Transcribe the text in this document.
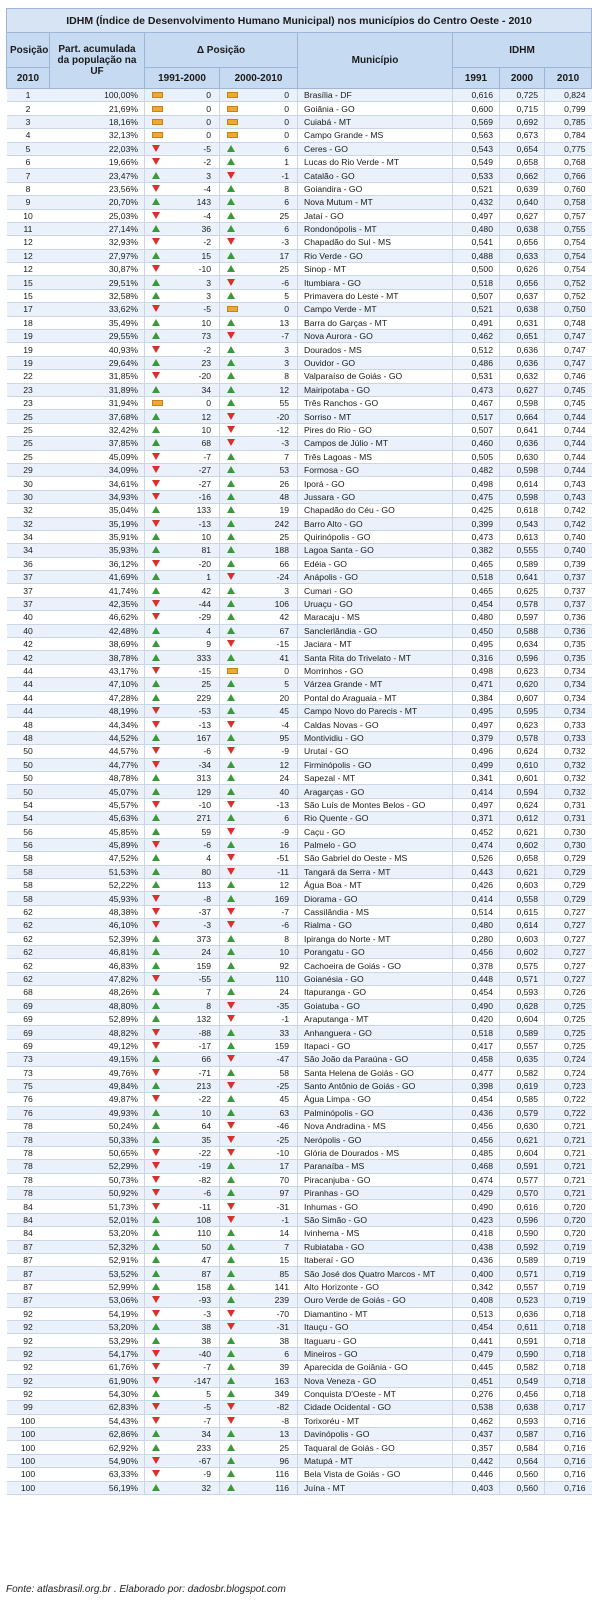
IDHM (Índice de Desenvolvimento Humano Municipal) nos municípios do Centro Oeste - 2010							
Posição	Part. acumulada da população na UF	Δ Posição		Município	IDHM		
2010		1991-2000	2000-2010		1991	2000	2010
1	100,00%	0	0	Brasília - DF	0,616	0,725	0,824
2	21,69%	0	0	Goiânia - GO	0,600	0,715	0,799
3	18,16%	0	0	Cuiabá - MT	0,569	0,692	0,785
4	32,13%	0	0	Campo Grande - MS	0,563	0,673	0,784
5	22,03%	-5	6	Ceres - GO	0,543	0,654	0,775
6	19,66%	-2	1	Lucas do Rio Verde - MT	0,549	0,658	0,768
7	23,47%	3	-1	Catalão - GO	0,533	0,662	0,766
8	23,56%	-4	8	Goiandira - GO	0,521	0,639	0,760
9	20,70%	143	6	Nova Mutum - MT	0,432	0,640	0,758
10	25,03%	-4	25	Jataí - GO	0,497	0,627	0,757
11	27,14%	36	6	Rondonópolis - MT	0,480	0,638	0,755
12	32,93%	-2	-3	Chapadão do Sul - MS	0,541	0,656	0,754
12	27,97%	15	17	Rio Verde - GO	0,488	0,633	0,754
12	30,87%	-10	25	Sinop - MT	0,500	0,626	0,754
15	29,51%	3	-6	Itumbiara - GO	0,518	0,656	0,752
15	32,58%	3	5	Primavera do Leste - MT	0,507	0,637	0,752
17	33,62%	-5	0	Campo Verde - MT	0,521	0,638	0,750
18	35,49%	10	13	Barra do Garças - MT	0,491	0,631	0,748
19	29,55%	73	-7	Nova Aurora - GO	0,462	0,651	0,747
19	40,93%	-2	3	Dourados - MS	0,512	0,636	0,747
19	29,64%	23	3	Ouvidor - GO	0,486	0,636	0,747
22	31,85%	-20	8	Valparaíso de Goiás - GO	0,531	0,632	0,746
23	31,89%	34	12	Mairipotaba - GO	0,473	0,627	0,745
23	31,94%	0	55	Três Ranchos - GO	0,467	0,598	0,745
25	37,68%	12	-20	Sorriso - MT	0,517	0,664	0,744
25	32,42%	10	-12	Pires do Rio - GO	0,507	0,641	0,744
25	37,85%	68	-3	Campos de Júlio - MT	0,460	0,636	0,744
25	45,09%	-7	7	Três Lagoas - MS	0,505	0,630	0,744
29	34,09%	-27	53	Formosa - GO	0,482	0,598	0,744
30	34,61%	-27	26	Iporá - GO	0,498	0,614	0,743
30	34,93%	-16	48	Jussara - GO	0,475	0,598	0,743
32	35,04%	133	19	Chapadão do Céu - GO	0,425	0,618	0,742
32	35,19%	-13	242	Barro Alto - GO	0,399	0,543	0,742
34	35,91%	10	25	Quirinópolis - GO	0,473	0,613	0,740
34	35,93%	81	188	Lagoa Santa - GO	0,382	0,555	0,740
36	36,12%	-20	66	Edéia - GO	0,465	0,589	0,739
37	41,69%	1	-24	Anápolis - GO	0,518	0,641	0,737
37	41,74%	42	3	Cumari - GO	0,465	0,625	0,737
37	42,35%	-44	106	Uruaçu - GO	0,454	0,578	0,737
40	46,62%	-29	42	Maracaju - MS	0,480	0,597	0,736
40	42,48%	4	67	Sanclerlândia - GO	0,450	0,588	0,736
42	38,69%	9	-15	Jaciara - MT	0,495	0,634	0,735
42	38,78%	333	41	Santa Rita do Trivelato - MT	0,316	0,596	0,735
44	43,17%	-15	0	Morrinhos - GO	0,498	0,623	0,734
44	47,10%	25	5	Várzea Grande - MT	0,471	0,620	0,734
44	47,28%	229	20	Pontal do Araguaia - MT	0,384	0,607	0,734
44	48,19%	-53	45	Campo Novo do Parecis - MT	0,495	0,595	0,734
48	44,34%	-13	-4	Caldas Novas - GO	0,497	0,623	0,733
48	44,52%	167	95	Montividiu - GO	0,379	0,578	0,733
50	44,57%	-6	-9	Urutaí - GO	0,496	0,624	0,732
50	44,77%	-34	12	Firminópolis - GO	0,499	0,610	0,732
50	48,78%	313	24	Sapezal - MT	0,341	0,601	0,732
50	45,07%	129	40	Aragarças - GO	0,414	0,594	0,732
54	45,57%	-10	-13	São Luís de Montes Belos - GO	0,497	0,624	0,731
54	45,63%	271	6	Rio Quente - GO	0,371	0,612	0,731
56	45,85%	59	-9	Caçu - GO	0,452	0,621	0,730
56	45,89%	-6	16	Palmelo - GO	0,474	0,602	0,730
58	47,52%	4	-51	São Gabriel do Oeste - MS	0,526	0,658	0,729
58	51,53%	80	-11	Tangará da Serra - MT	0,443	0,621	0,729
58	52,22%	113	12	Água Boa - MT	0,426	0,603	0,729
58	45,93%	-8	169	Diorama - GO	0,414	0,558	0,729
62	48,38%	-37	-7	Cassilândia - MS	0,514	0,615	0,727
62	46,10%	-3	-6	Rialma - GO	0,480	0,614	0,727
62	52,39%	373	8	Ipiranga do Norte - MT	0,280	0,603	0,727
62	46,81%	24	10	Porangatu - GO	0,456	0,602	0,727
62	46,83%	159	92	Cachoeira de Goiás - GO	0,378	0,575	0,727
62	47,82%	-55	110	Goianésia - GO	0,448	0,571	0,727
68	48,26%	7	24	Itapuranga - GO	0,454	0,593	0,726
69	48,80%	8	-35	Goiatuba - GO	0,490	0,628	0,725
69	52,89%	132	-1	Araputanga - MT	0,420	0,604	0,725
69	48,82%	-88	33	Anhanguera - GO	0,518	0,589	0,725
69	49,12%	-17	159	Itapaci - GO	0,417	0,557	0,725
73	49,15%	66	-47	São João da Paraúna - GO	0,458	0,635	0,724
73	49,76%	-71	58	Santa Helena de Goiás - GO	0,477	0,582	0,724
75	49,84%	213	-25	Santo Antônio de Goiás - GO	0,398	0,619	0,723
76	49,87%	-22	45	Água Limpa - GO	0,454	0,585	0,722
76	49,93%	10	63	Palminópolis - GO	0,436	0,579	0,722
78	50,24%	64	-46	Nova Andradina - MS	0,456	0,630	0,721
78	50,33%	35	-25	Nerópolis - GO	0,456	0,621	0,721
78	50,65%	-22	-10	Glória de Dourados - MS	0,485	0,604	0,721
78	52,29%	-19	17	Paranaíba - MS	0,468	0,591	0,721
78	50,73%	-82	70	Piracanjuba - GO	0,474	0,577	0,721
78	50,92%	-6	97	Piranhas - GO	0,429	0,570	0,721
84	51,73%	-11	-31	Inhumas - GO	0,490	0,616	0,720
84	52,01%	108	-1	São Simão - GO	0,423	0,596	0,720
84	53,20%	110	14	Ivinhema - MS	0,418	0,590	0,720
87	52,32%	50	7	Rubiataba - GO	0,438	0,592	0,719
87	52,91%	47	15	Itaberaí - GO	0,436	0,589	0,719
87	53,52%	87	85	São José dos Quatro Marcos - MT	0,400	0,571	0,719
87	52,99%	158	141	Alto Horizonte - GO	0,342	0,557	0,719
87	53,06%	-93	239	Ouro Verde de Goiás - GO	0,408	0,523	0,719
92	54,19%	-3	-70	Diamantino - MT	0,513	0,636	0,718
92	53,20%	38	-31	Itauçu - GO	0,454	0,611	0,718
92	53,29%	38	38	Itaguaru - GO	0,441	0,591	0,718
92	54,17%	-40	6	Mineiros - GO	0,479	0,590	0,718
92	61,76%	-7	39	Aparecida de Goiânia - GO	0,445	0,582	0,718
92	61,90%	-147	163	Nova Veneza - GO	0,451	0,549	0,718
92	54,30%	5	349	Conquista D'Oeste - MT	0,276	0,456	0,718
99	62,83%	-5	-82	Cidade Ocidental - GO	0,538	0,638	0,717
100	54,43%	-7	-8	Torixoréu - MT	0,462	0,593	0,716
100	62,86%	34	13	Davinópolis - GO	0,437	0,587	0,716
100	62,92%	233	25	Taquaral de Goiás - GO	0,357	0,584	0,716
100	54,90%	-67	96	Matupá - MT	0,442	0,564	0,716
100	63,33%	-9	116	Bela Vista de Goiás - GO	0,446	0,560	0,716
100	56,19%	32	116	Juína - MT	0,403	0,560	0,716
Fonte: atlasbrasil.org.br . Elaborado por: dadosbr.blogspot.com
